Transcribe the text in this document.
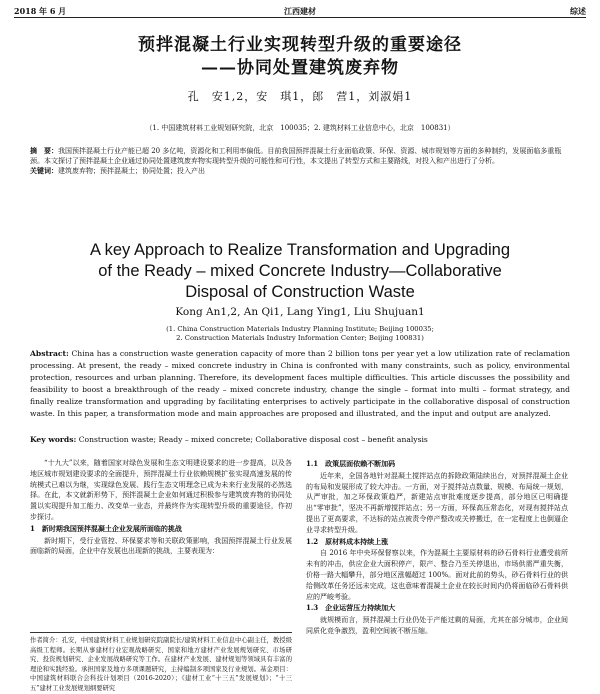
2018 年 6 月	江西建材	综述
预拌混凝土行业实现转型升级的重要途径
——协同处置建筑废弃物
孔　安1,2，安　琪1，郎　营1，刘淑娟1
（1. 中国建筑材料工业规划研究院，北京　100035；2. 建筑材料工业信息中心，北京　100831）
摘　要：我国预拌混凝土行业产能已超 20 多亿吨，资源化和工利用率偏低。目前我国预拌混凝土行业面临政策、环保、资源、城市规划等方面的多种制约，发展面临多重瓶颈。本文探讨了预拌混凝土企业通过协同处置建筑废弃物实现转型升级的可能性和可行性，本文提出了转型方式和主要路线，对投入和产出进行了分析。
关键词：建筑废弃物；预拌混凝土；协同处置；投入产出
A key Approach to Realize Transformation and Upgrading
of the Ready – mixed Concrete Industry—Collaborative
Disposal of Construction Waste
Kong An1,2, An Qi1, Lang Ying1, Liu Shujuan1
(1. China Construction Materials Industry Planning Institute; Beijing 100035;
2. Construction Materials Industry Information Center; Beijing 100831)
Abstract: China has a construction waste generation capacity of more than 2 billion tons per year yet a low utilization rate of reclamation processing. At present, the ready – mixed concrete industry in China is confronted with many constraints, such as policy, environmental protection, resources and urban planning. Therefore, its development faces multiple difficulties. This article discusses the possibility and feasibility to boost a breakthrough of the ready – mixed concrete industry, change the single – format into multi – format strategy, and finally realize transformation and upgrading by facilitating enterprises to actively participate in the collaborative disposal of construction waste. In this paper, a transformation mode and main approaches are proposed and illustrated, and the input and output are analyzed.
Key words: Construction waste; Ready – mixed concrete; Collaborative disposal cost – benefit analysis

“十九大”以来，随着国家对绿色发展和生态文明建设要求的进一步提高，以及各地区城市规划建设要求的全面提升，预拌混凝土行业依赖规模扩张实现高速发展的传统模式已难以为继，实现绿色发展、践行生态文明理念已成为未来行业发展的必然选择。在此，本文就新形势下，预拌混凝土企业如何通过积极参与建筑废弃物的协同处置以实现提升加工能力、改变单一业态，并最终作为实现转型升级的重要途径，作初步探讨。

1　新时期我国预拌混凝土企业发展所面临的挑战

新时期下，受行业管控、环保要求等和关联政策影响，我国预拌混凝土行业发展面临新的局面，企业中存发展也出现新的挑战，主要表现为：

作者简介：孔安，中国建筑材料工业规划研究院副院长/建筑材料工业信息中心副主任，教授级高级工程师。长期从事建材行业宏观战略研究、国家和地方建材产业发展规划研究、市场研究、投资规划研究、企业发展战略研究等工作。在建材产业发展、建材规划等领域具有丰富的理论和实践经验。承担国家及地方多项课题研究，主持编制多项国家及行业规划。基金项目：中国建筑材料联合会科技计划项目（2016-2020）；《建材工业“十三五”发展规划》；“十三五”建材工业发展规划纲要研究

1.1　政策层面依赖不断加码

近年来，全国各地针对混凝土搅拌站点的拆除政策陆续出台，对预拌混凝土企业的布局和发展形成了较大冲击。一方面，对于搅拌站点数量、规模、布局统一规划，从严审批，加之环保政策趋严，新建站点审批难度逐步提高，部分地区已明确提出“零审批”，坚决不再新增搅拌站点；另一方面，环保高压常态化，对现有搅拌站点提出了更高要求，不达标的站点被责令停产整改或关停搬迁，在一定程度上也倒逼企业寻求转型升级。

1.2　原材料成本持续上涨

自 2016 年中央环保督察以来，作为混凝土主要原材料的砂石骨料行业遭受前所未有的冲击，供应企业大面积停产，限产、整合乃至关停退出，市场供需严重失衡，价格一路大幅攀升，部分地区涨幅超过 100%。面对此前的势头，砂石骨料行业的供给侧改革任务还远未完成，这也意味着混凝土企业在较长时间内仍将面临砂石骨料供应的严峻考验。

1.3　企业运营压力持续加大

就规模而言，预拌混凝土行业仍处于产能过剩的局面，尤其在部分城市，企业间同质化竞争激烈，盈利空间被不断压缩。
